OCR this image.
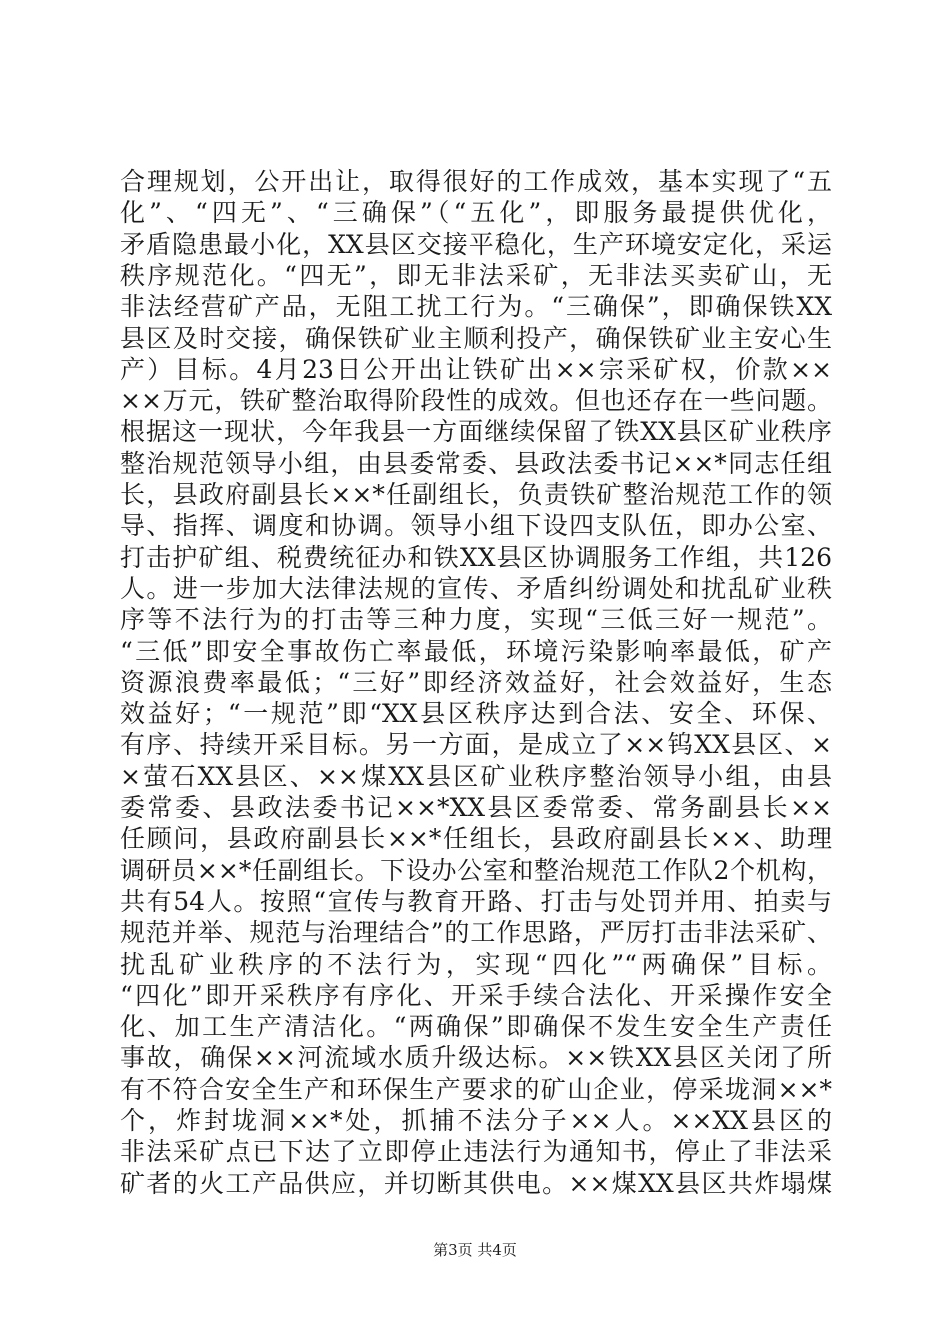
合理规划，公开出让，取得很好的工作成效，基本实现了“五
化”、“四无”、“三确保”（“五化”，即服务最提供优化，
矛盾隐患最小化，XX县区交接平稳化，生产环境安定化，采运
秩序规范化。“四无”，即无非法采矿，无非法买卖矿山，无
非法经营矿产品，无阻工扰工行为。“三确保”，即确保铁XX
县区及时交接，确保铁矿业主顺利投产，确保铁矿业主安心生
产）目标。4月23日公开出让铁矿出××宗采矿权，价款××
××万元，铁矿整治取得阶段性的成效。但也还存在一些问题。
根据这一现状，今年我县一方面继续保留了铁XX县区矿业秩序
整治规范领导小组，由县委常委、县政法委书记××*同志任组
长，县政府副县长××*任副组长，负责铁矿整治规范工作的领
导、指挥、调度和协调。领导小组下设四支队伍，即办公室、
打击护矿组、税费统征办和铁XX县区协调服务工作组，共126
人。进一步加大法律法规的宣传、矛盾纠纷调处和扰乱矿业秩
序等不法行为的打击等三种力度，实现“三低三好一规范”。
“三低”即安全事故伤亡率最低，环境污染影响率最低，矿产
资源浪费率最低；“三好”即经济效益好，社会效益好，生态
效益好；“一规范”即“XX县区秩序达到合法、安全、环保、
有序、持续开采目标。另一方面，是成立了××钨XX县区、×
×萤石XX县区、××煤XX县区矿业秩序整治领导小组，由县
委常委、县政法委书记××*XX县区委常委、常务副县长××
任顾问，县政府副县长××*任组长，县政府副县长××、助理
调研员××*任副组长。下设办公室和整治规范工作队2个机构，
共有54人。按照“宣传与教育开路、打击与处罚并用、拍卖与
规范并举、规范与治理结合”的工作思路，严厉打击非法采矿、
扰乱矿业秩序的不法行为，实现“四化”“两确保”目标。
“四化”即开采秩序有序化、开采手续合法化、开采操作安全
化、加工生产清洁化。“两确保”即确保不发生安全生产责任
事故，确保××河流域水质升级达标。××铁XX县区关闭了所
有不符合安全生产和环保生产要求的矿山企业，停采垅洞××*
个，炸封垅洞××*处，抓捕不法分子××人。××XX县区的
非法采矿点已下达了立即停止违法行为通知书，停止了非法采
矿者的火工产品供应，并切断其供电。××煤XX县区共炸塌煤
第3页 共4页
